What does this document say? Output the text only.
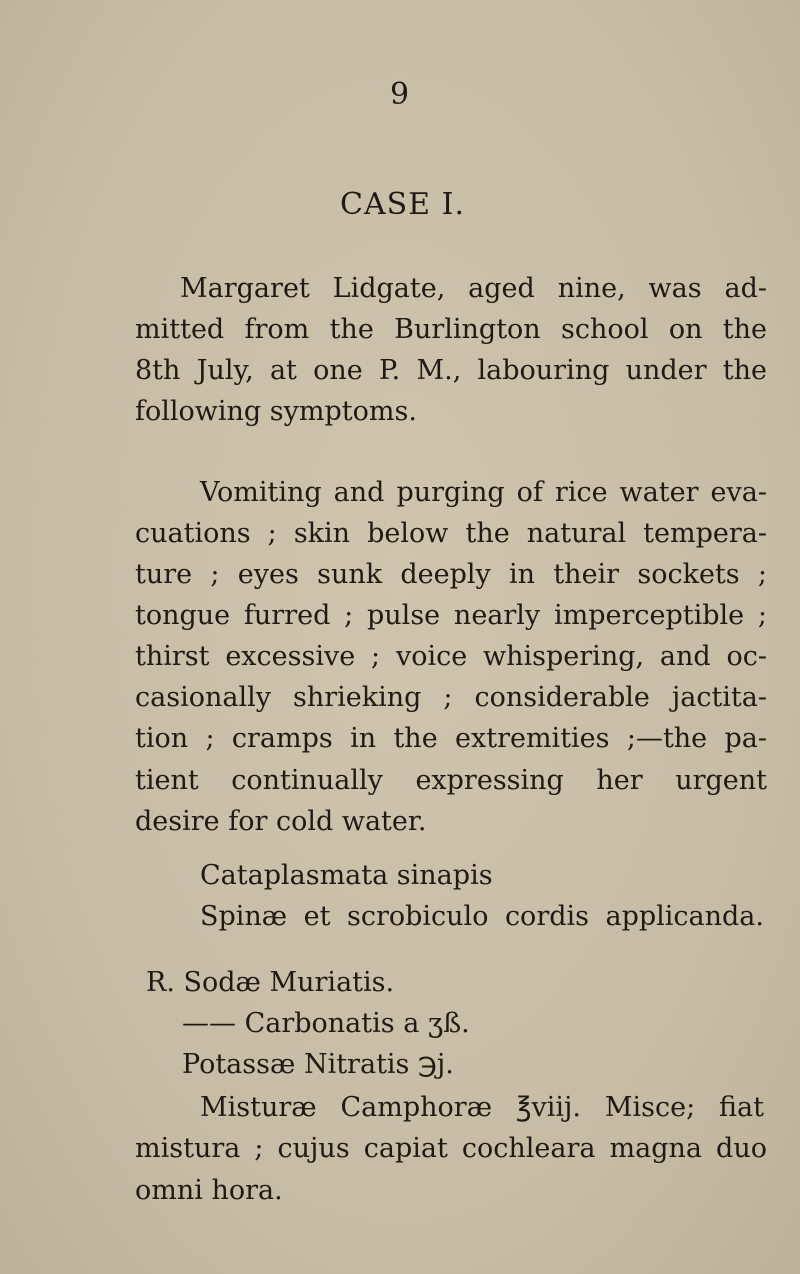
9
CASE I.
Margaret Lidgate, aged nine, was ad-
mitted from the Burlington school on the
8th July, at one P. M., labouring under the
following symptoms.
Vomiting and purging of rice water eva-
cuations ; skin below the natural tempera-
ture ; eyes sunk deeply in their sockets ;
tongue furred ; pulse nearly imperceptible ;
thirst excessive ; voice whispering, and oc-
casionally shrieking ; considerable jactita-
tion ; cramps in the extremities ;—the pa-
tient continually expressing her urgent
desire for cold water.
Cataplasmata sinapis
Spinæ et scrobiculo cordis applicanda.
R. Sodæ Muriatis.
—— Carbonatis a ʒß.
Potassæ Nitratis ℈j.
Misturæ Camphoræ ℥viij. Misce; fiat
mistura ; cujus capiat cochleara magna duo
omni hora.
